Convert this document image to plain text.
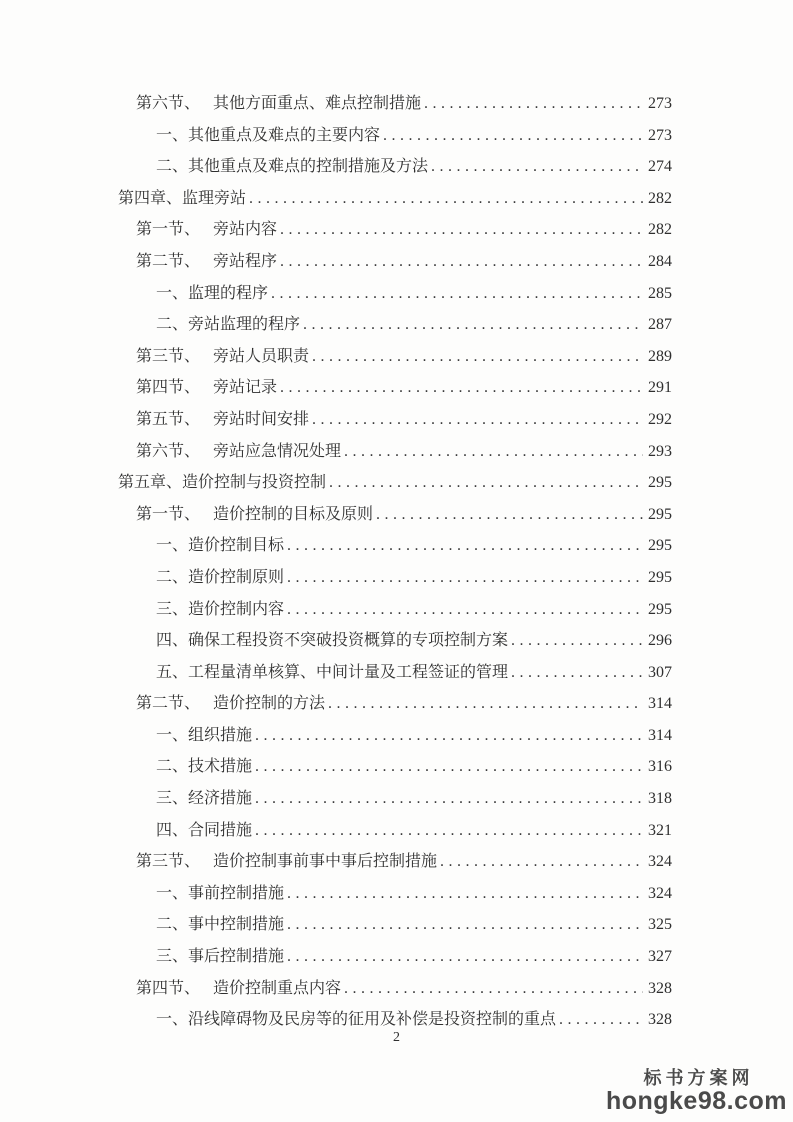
第六节、 其他方面重点、难点控制措施 .....	273
一、其他重点及难点的主要内容 .....	273
二、其他重点及难点的控制措施及方法 .....	274
第四章、监理旁站 .....	282
第一节、 旁站内容 .....	282
第二节、 旁站程序 .....	284
一、监理的程序 .....	285
二、旁站监理的程序 .....	287
第三节、 旁站人员职责 .....	289
第四节、 旁站记录 .....	291
第五节、 旁站时间安排 .....	292
第六节、 旁站应急情况处理 .....	293
第五章、造价控制与投资控制 .....	295
第一节、 造价控制的目标及原则 .....	295
一、造价控制目标 .....	295
二、造价控制原则 .....	295
三、造价控制内容 .....	295
四、确保工程投资不突破投资概算的专项控制方案 .....	296
五、工程量清单核算、中间计量及工程签证的管理 .....	307
第二节、 造价控制的方法 .....	314
一、组织措施 .....	314
二、技术措施 .....	316
三、经济措施 .....	318
四、合同措施 .....	321
第三节、 造价控制事前事中事后控制措施 .....	324
一、事前控制措施 .....	324
二、事中控制措施 .....	325
三、事后控制措施 .....	327
第四节、 造价控制重点内容 .....	328
一、沿线障碍物及民房等的征用及补偿是投资控制的重点 .....	328
2
标书方案网
hongke98.com
